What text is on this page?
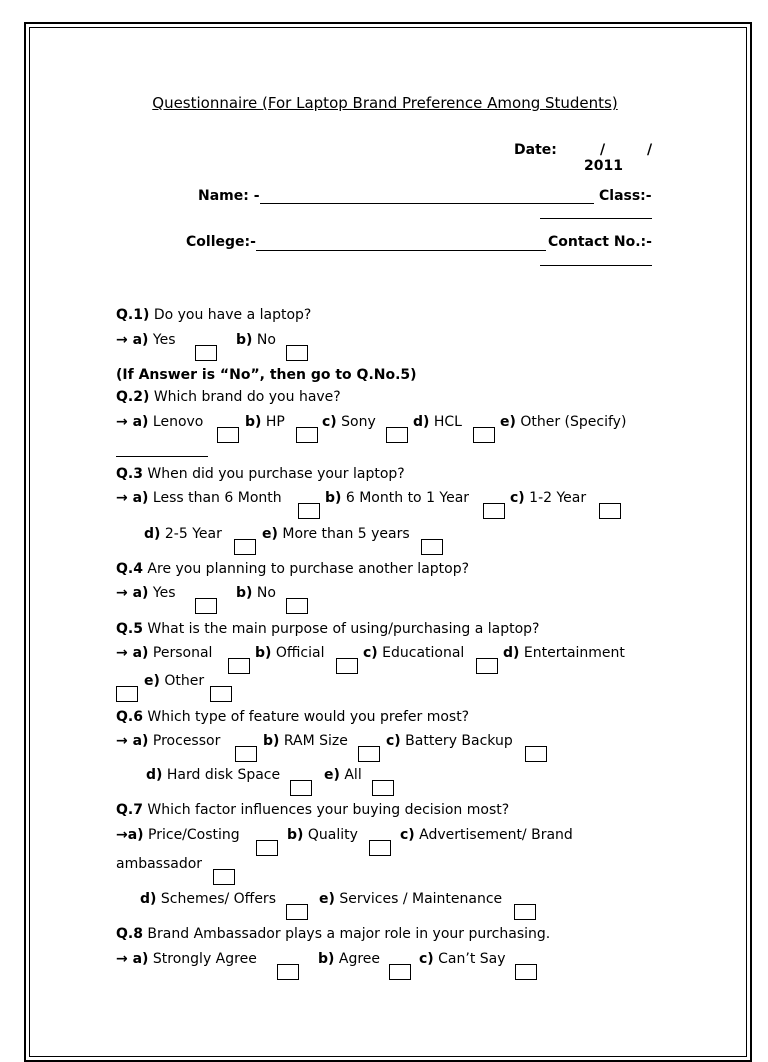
Questionnaire (For Laptop Brand Preference Among Students)
Date:	/	/
2011
Name: -	Class:-
College:-	Contact No.:-
Q.1) Do you have a laptop?
→ a) Yes	b) No
(If Answer is “No”, then go to Q.No.5)
Q.2) Which brand do you have?
→ a) Lenovo	b) HP	c) Sony	d) HCL	e) Other (Specify)
Q.3 When did you purchase your laptop?
→ a) Less than 6 Month	b) 6 Month to 1 Year	c) 1-2 Year
d) 2-5 Year	e) More than 5 years
Q.4 Are you planning to purchase another laptop?
→ a) Yes	b) No
Q.5 What is the main purpose of using/purchasing a laptop?
→ a) Personal	b) Official	c) Educational	d) Entertainment
e) Other
Q.6 Which type of feature would you prefer most?
→ a) Processor	b) RAM Size	c) Battery Backup
d) Hard disk Space	e) All
Q.7 Which factor influences your buying decision most?
→a) Price/Costing	b) Quality	c) Advertisement/ Brand
ambassador
d) Schemes/ Offers	e) Services / Maintenance
Q.8 Brand Ambassador plays a major role in your purchasing.
→ a) Strongly Agree	b) Agree	c) Can’t Say
